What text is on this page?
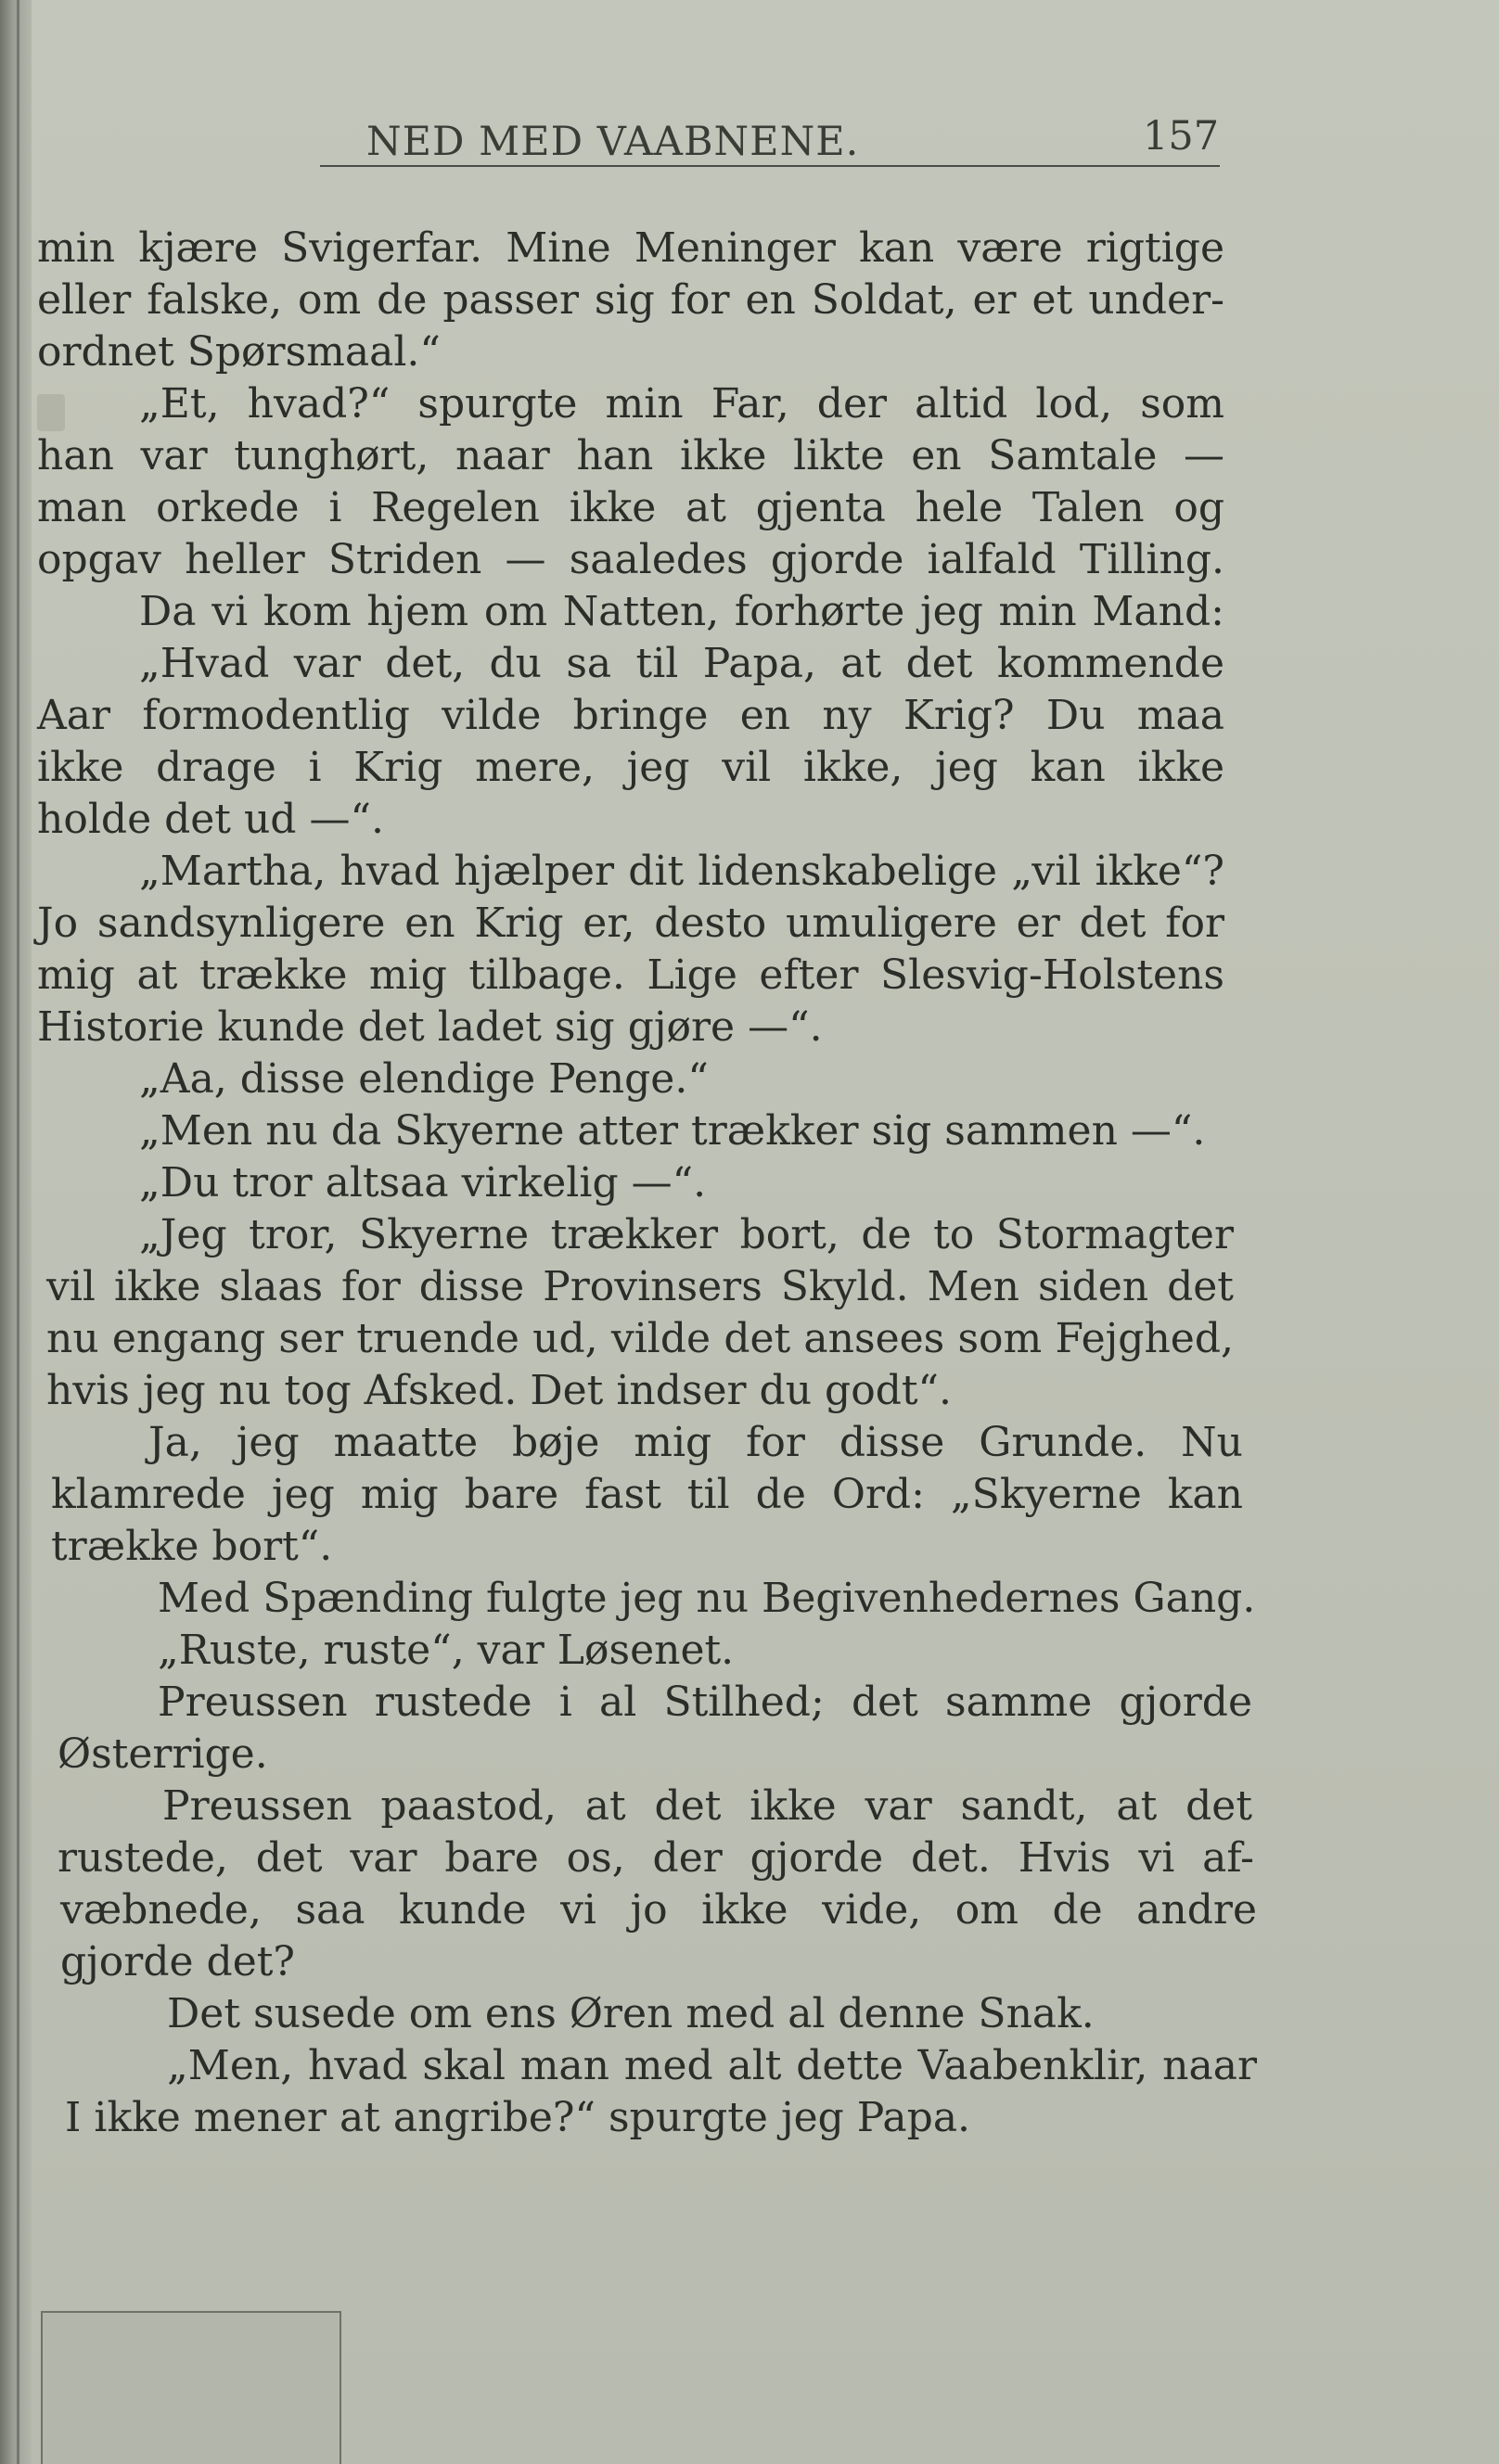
NED MED VAABNENE.	157
min kjære Svigerfar. Mine Meninger kan være rigtige
eller falske, om de passer sig for en Soldat, er et under-
ordnet Spørsmaal.“
„Et, hvad?“ spurgte min Far, der altid lod, som
han var tunghørt, naar han ikke likte en Samtale —
man orkede i Regelen ikke at gjenta hele Talen og
opgav heller Striden — saaledes gjorde ialfald Tilling.
Da vi kom hjem om Natten, forhørte jeg min Mand:
„Hvad var det, du sa til Papa, at det kommende
Aar formodentlig vilde bringe en ny Krig? Du maa
ikke drage i Krig mere, jeg vil ikke, jeg kan ikke
holde det ud —“.
„Martha, hvad hjælper dit lidenskabelige „vil ikke“?
Jo sandsynligere en Krig er, desto umuligere er det for
mig at trække mig tilbage. Lige efter Slesvig-Holstens
Historie kunde det ladet sig gjøre —“.
„Aa, disse elendige Penge.“
„Men nu da Skyerne atter trækker sig sammen —“.
„Du tror altsaa virkelig —“.
„Jeg tror, Skyerne trækker bort, de to Stormagter
vil ikke slaas for disse Provinsers Skyld. Men siden det
nu engang ser truende ud, vilde det ansees som Fejghed,
hvis jeg nu tog Afsked. Det indser du godt“.
Ja, jeg maatte bøje mig for disse Grunde. Nu
klamrede jeg mig bare fast til de Ord: „Skyerne kan
trække bort“.
Med Spænding fulgte jeg nu Begivenhedernes Gang.
„Ruste, ruste“, var Løsenet.
Preussen rustede i al Stilhed; det samme gjorde
Østerrige.
Preussen paastod, at det ikke var sandt, at det
rustede, det var bare os, der gjorde det. Hvis vi af-
væbnede, saa kunde vi jo ikke vide, om de andre
gjorde det?
Det susede om ens Øren med al denne Snak.
„Men, hvad skal man med alt dette Vaabenklir, naar
I ikke mener at angribe?“ spurgte jeg Papa.
